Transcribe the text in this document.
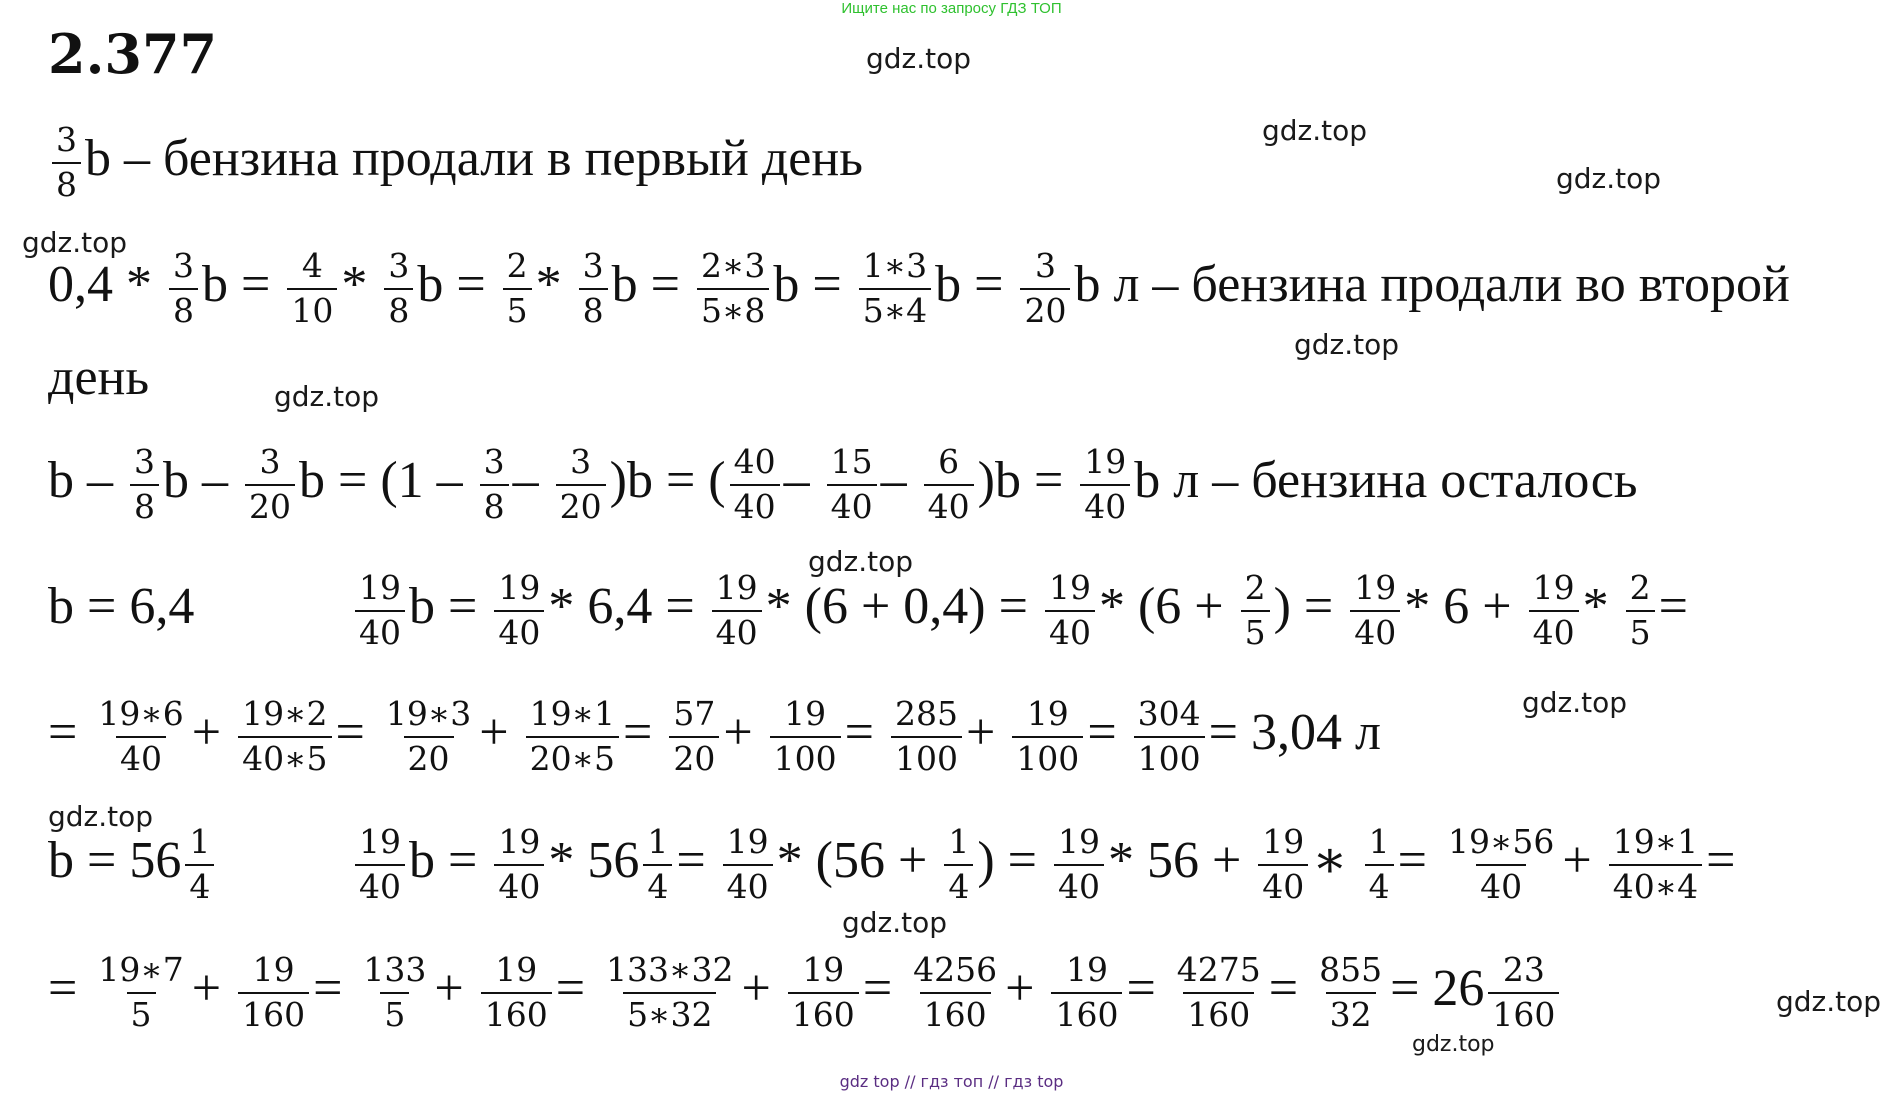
Ищите нас по запросу ГДЗ ТОП
2.377	gdz.top
gdz.top
gdz.top
gdz.top
gdz.top
gdz.top
gdz.top
gdz.top
gdz.top
gdz.top
gdz.top
gdz.top
$\frac{3}{8}$ b – бензина продали в первый день
$0,4 * \frac{3}{8}$ $b = \frac{4}{10} * \frac{3}{8}$ $b = \frac{2}{5} * \frac{3}{8}$ $b = \frac{2∗3}{5∗8}$ $b = \frac{1∗3}{5∗4}$ $b = \frac{3}{20}$ b л – бензина продали во второй
день
b – $\frac{3}{8}$ b – $\frac{3}{20}$ $b = (1 - \frac{3}{8} - \frac{3}{20} )b$ = ( $\frac{40}{40} - \frac{15}{40} - \frac{6}{40} )b = \frac{19}{40}$ b л – бензина осталось
b = 6,4	$\frac{19}{40}$ $b = \frac{19}{40} * 6,4 = \frac{19}{40} * (6 + 0,4) = \frac{19}{40} * (6 + \frac{2}{5}$ ) = $\frac{19}{40} * 6 + \frac{19}{40} * \frac{2}{5}$ =
= $\frac{19∗6}{40} + \frac{19∗2}{40∗5} = \frac{19∗3}{20} + \frac{19∗1}{20∗5} = \frac{57}{20} + \frac{19}{100} = \frac{285}{100} + \frac{19}{100} = \frac{304}{100} = 3,04$ л
$b = 56 \frac{1}{4}$
	$\frac{19}{40}$ $b = \frac{19}{40} * 56 \frac{1}{4} = \frac{19}{40} * (56 + \frac{1}{4}$ ) = $\frac{19}{40} * 56 + \frac{19}{40}$ ∗ $\frac{1}{4} = \frac{19∗56}{40} + \frac{19∗1}{40∗4}$ =
= $\frac{19∗7}{5} + \frac{19}{160} = \frac{133}{5} + \frac{19}{160} = \frac{133∗32}{5∗32} + \frac{19}{160} = \frac{4256}{160} + \frac{19}{160} = \frac{4275}{160} = \frac{855}{32} = 26 \frac{23}{160}$
gdz top // гдз топ // гдз top
